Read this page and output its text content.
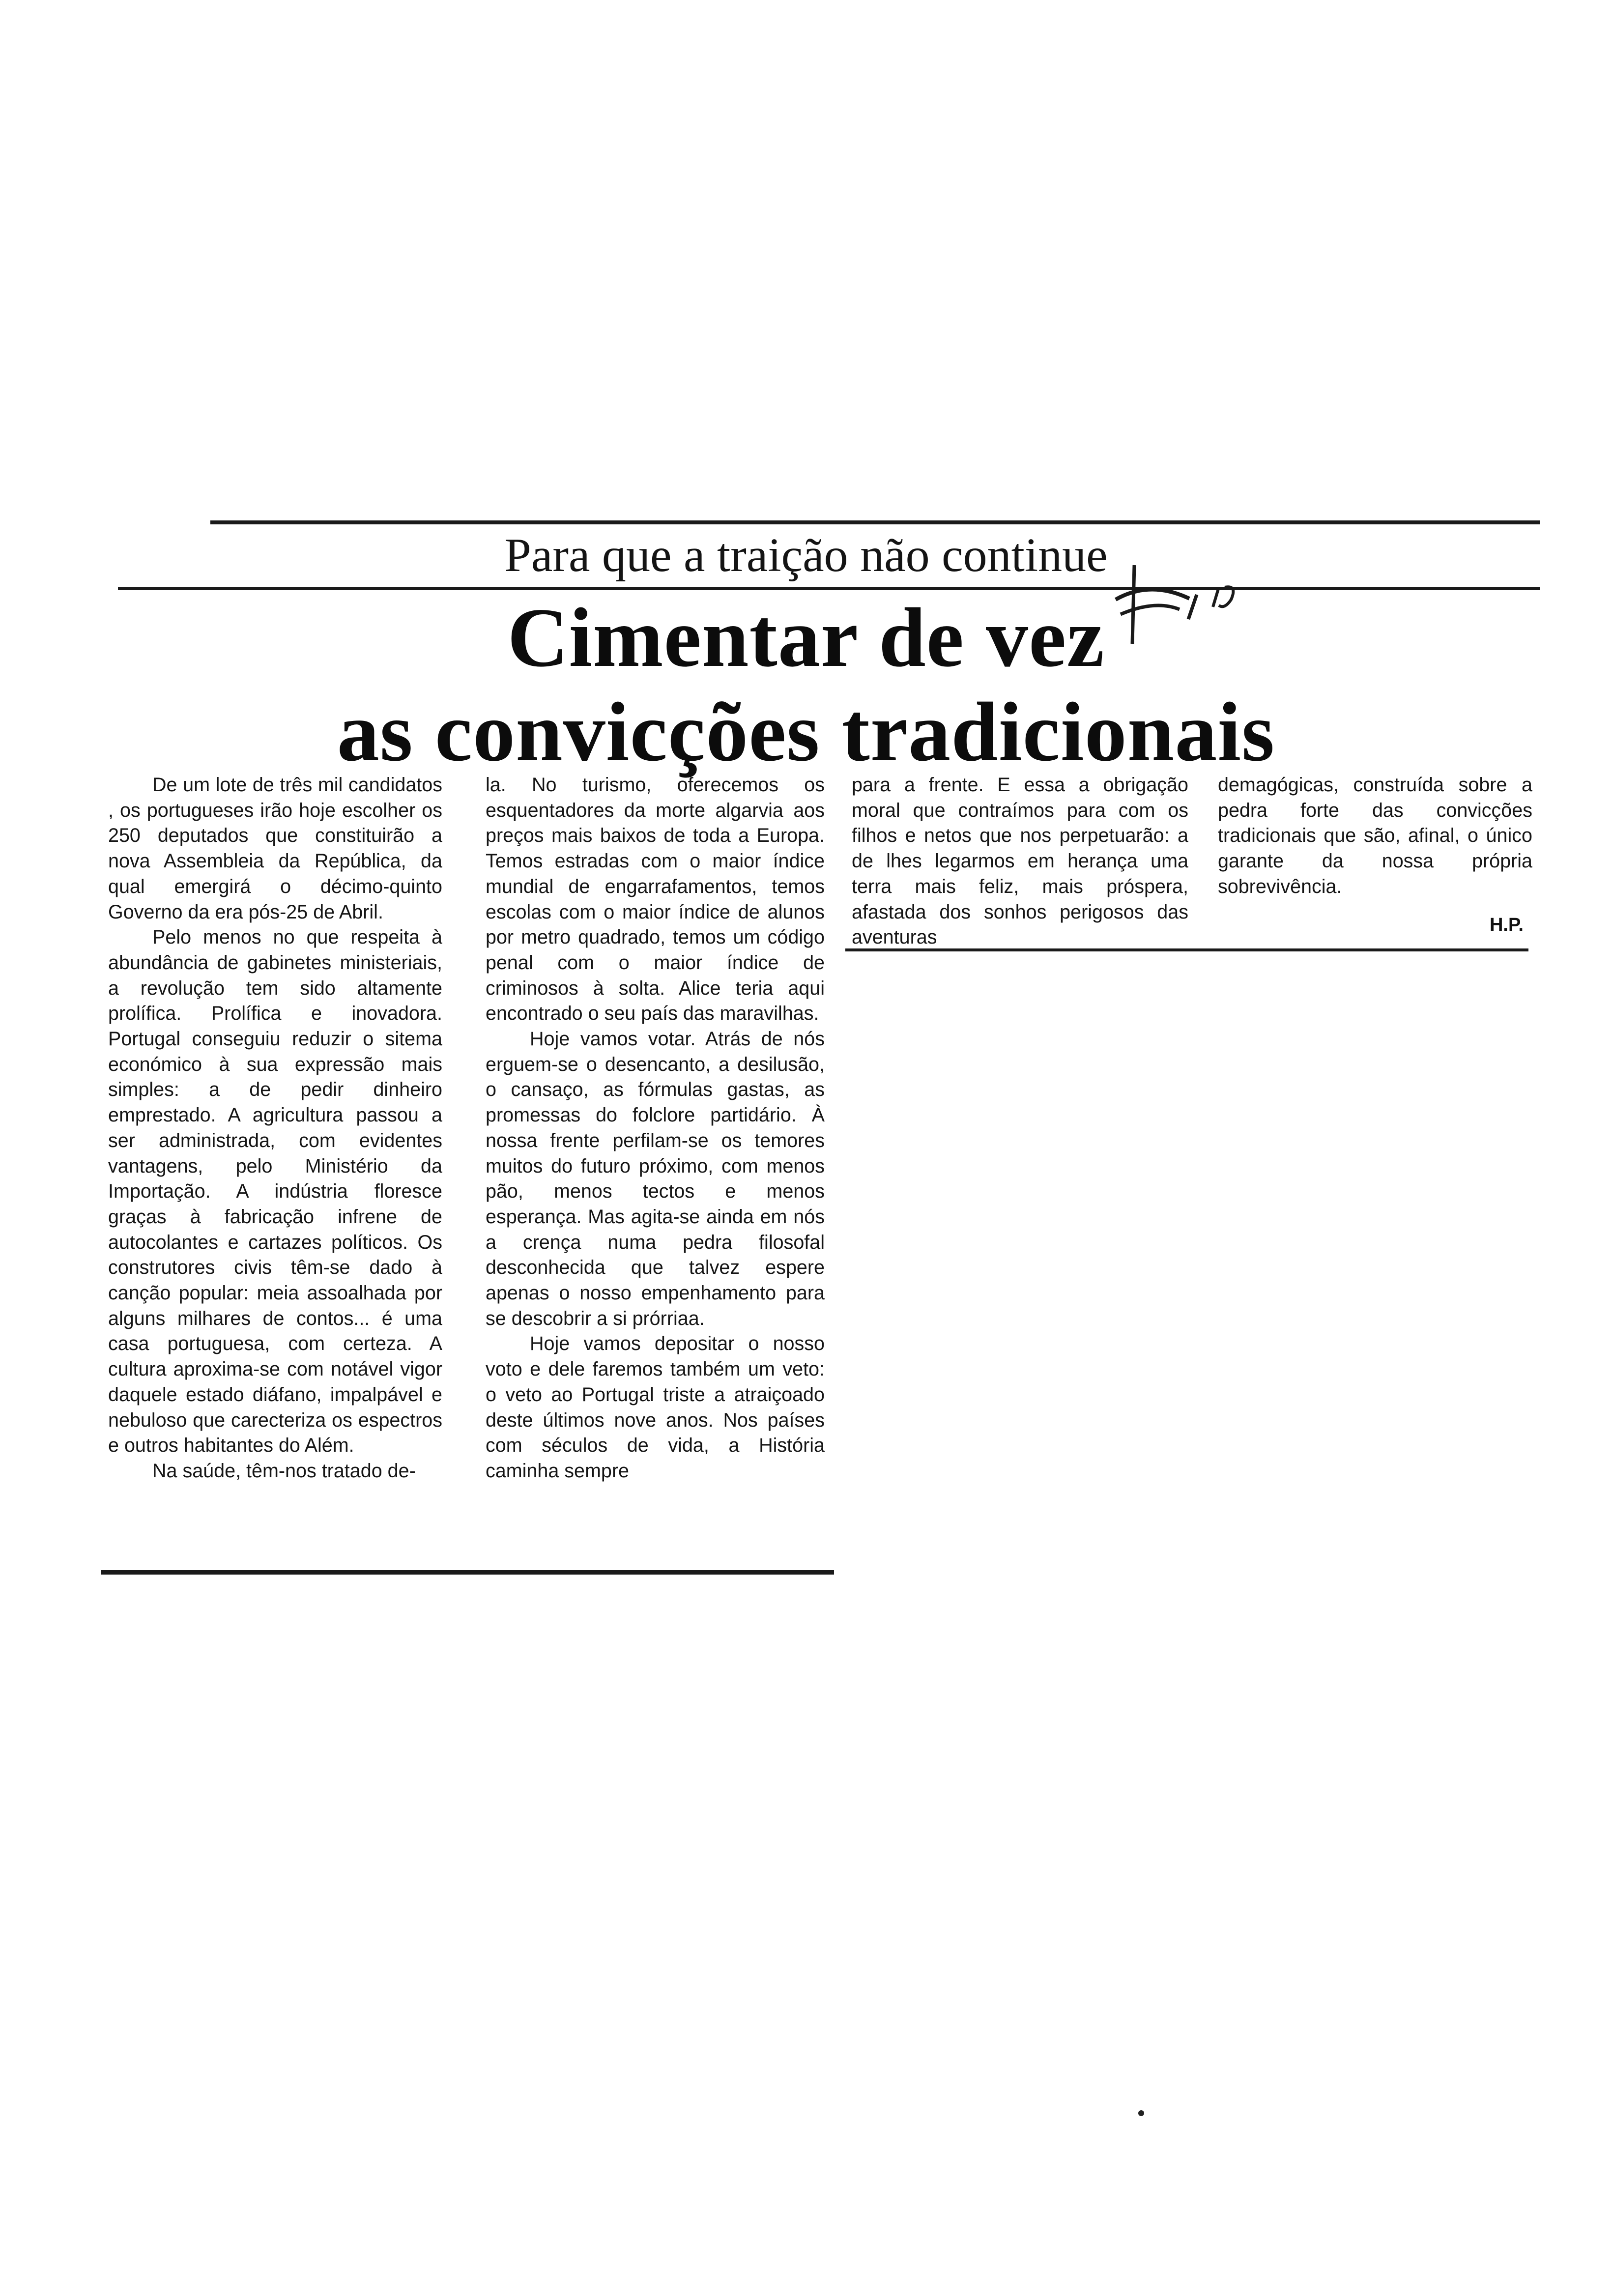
Para que a traição não continue
Cimentar de vez
as convicções tradicionais

De um lote de três mil candidatos , os portugueses irão hoje escolher os 250 deputados que constituirão a nova Assembleia da República, da qual emergirá o décimo-quinto Governo da era pós-25 de Abril.

Pelo menos no que respeita à abundância de gabinetes ministeriais, a revolução tem sido altamente prolífica. Prolífica e inovadora. Portugal conseguiu reduzir o sitema económico à sua expressão mais simples: a de pedir dinheiro emprestado. A agricultura passou a ser administrada, com evidentes vantagens, pelo Ministério da Importação. A indústria floresce graças à fabricação infrene de autocolantes e cartazes políticos. Os construtores civis têm-se dado à canção popular: meia assoalhada por alguns milhares de contos... é uma casa portuguesa, com certeza. A cultura aproxima-se com notável vigor daquele estado diáfano, impalpável e nebuloso que carecteriza os espectros e outros habitantes do Além.

Na saúde, têm-nos tratado de-

la. No turismo, oferecemos os esquentadores da morte algarvia aos preços mais baixos de toda a Europa. Temos estradas com o maior índice mundial de engarrafamentos, temos escolas com o maior índice de alunos por metro quadrado, temos um código penal com o maior índice de criminosos à solta. Alice teria aqui encontrado o seu país das maravilhas.

Hoje vamos votar. Atrás de nós erguem-se o desencanto, a desilusão, o cansaço, as fórmulas gastas, as promessas do folclore partidário. À nossa frente perfilam-se os temores muitos do futuro próximo, com menos pão, menos tectos e menos esperança. Mas agita-se ainda em nós a crença numa pedra filosofal desconhecida que talvez espere apenas o nosso empenhamento para se descobrir a si prórriaa.

Hoje vamos depositar o nosso voto e dele faremos também um veto: o veto ao Portugal triste a atraiçoado deste últimos nove anos. Nos países com séculos de vida, a História caminha sempre

para a frente. E essa a obrigação moral que contraímos para com os filhos e netos que nos perpetuarão: a de lhes legarmos em herança uma terra mais feliz, mais próspera, afastada dos sonhos perigosos das aventuras

demagógicas, construída sobre a pedra forte das convicções tradicionais que são, afinal, o único garante da nossa própria sobrevivência.

H.P.
